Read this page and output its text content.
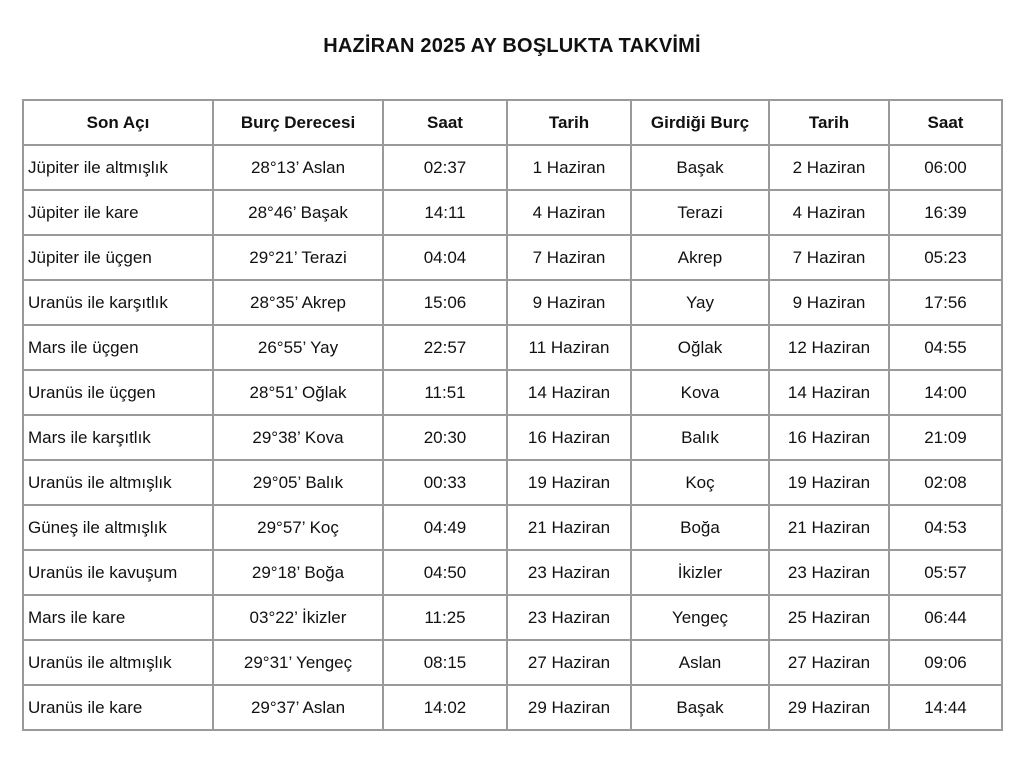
HAZİRAN 2025 AY BOŞLUKTA TAKVİMİ
Son Açı	Burç Derecesi	Saat	Tarih	Girdiği Burç	Tarih	Saat
Jüpiter ile altmışlık	28°13’ Aslan	02:37	1 Haziran	Başak	2 Haziran	06:00
Jüpiter ile kare	28°46’ Başak	14:11	4 Haziran	Terazi	4 Haziran	16:39
Jüpiter ile üçgen	29°21’ Terazi	04:04	7 Haziran	Akrep	7 Haziran	05:23
Uranüs ile karşıtlık	28°35’ Akrep	15:06	9 Haziran	Yay	9 Haziran	17:56
Mars ile üçgen	26°55’ Yay	22:57	11 Haziran	Oğlak	12 Haziran	04:55
Uranüs ile üçgen	28°51’ Oğlak	11:51	14 Haziran	Kova	14 Haziran	14:00
Mars ile karşıtlık	29°38’ Kova	20:30	16 Haziran	Balık	16 Haziran	21:09
Uranüs ile altmışlık	29°05’ Balık	00:33	19 Haziran	Koç	19 Haziran	02:08
Güneş ile altmışlık	29°57’ Koç	04:49	21 Haziran	Boğa	21 Haziran	04:53
Uranüs ile kavuşum	29°18’ Boğa	04:50	23 Haziran	İkizler	23 Haziran	05:57
Mars ile kare	03°22’ İkizler	11:25	23 Haziran	Yengeç	25 Haziran	06:44
Uranüs ile altmışlık	29°31’ Yengeç	08:15	27 Haziran	Aslan	27 Haziran	09:06
Uranüs ile kare	29°37’ Aslan	14:02	29 Haziran	Başak	29 Haziran	14:44
